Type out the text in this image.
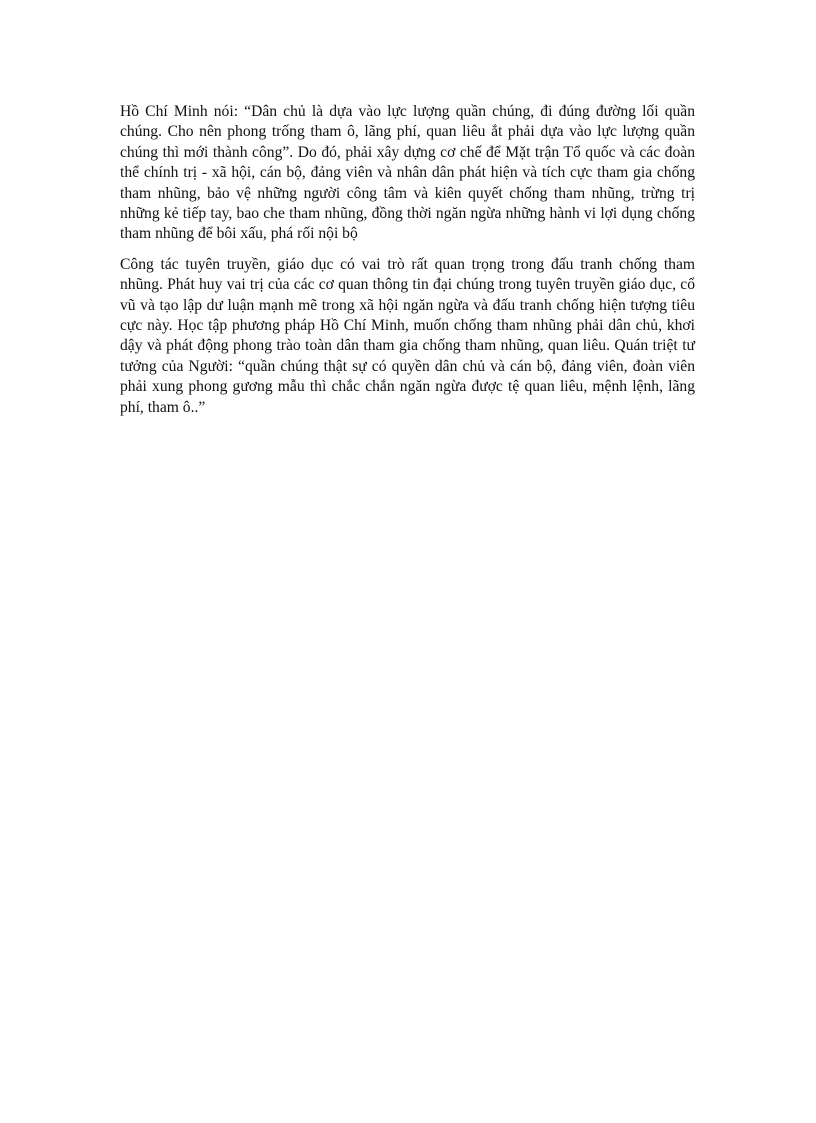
Hồ Chí Minh nói: “Dân chủ là dựa vào lực lượng quần chúng, đi đúng đường lối quần chúng. Cho nên phong trống tham ô, lãng phí, quan liêu ắt phải dựa vào lực lượng quần chúng thì mới thành công”. Do đó, phải xây dựng cơ chế để Mặt trận Tổ quốc và các đoàn thể chính trị - xã hội, cán bộ, đảng viên và nhân dân phát hiện và tích cực tham gia chống tham nhũng, bảo vệ những người công tâm và kiên quyết chống tham nhũng, trừng trị những kẻ tiếp tay, bao che tham nhũng, đồng thời ngăn ngừa những hành vi lợi dụng chống tham nhũng để bôi xấu, phá rối nội bộ

Công tác tuyên truyền, giáo dục có vai trò rất quan trọng trong đấu tranh chống tham nhũng. Phát huy vai trị của các cơ quan thông tin đại chúng trong tuyên truyền giáo dục, cổ vũ và tạo lập dư luận mạnh mẽ trong xã hội ngăn ngừa và đấu tranh chống hiện tượng tiêu cực này. Học tập phương pháp Hồ Chí Minh, muốn chống tham nhũng phải dân chủ, khơi dậy và phát động phong trào toàn dân tham gia chống tham nhũng, quan liêu. Quán triệt tư tưởng của Người: “quần chúng thật sự có quyền dân chủ và cán bộ, đảng viên, đoàn viên phải xung phong gương mẫu thì chắc chắn ngăn ngừa được tệ quan liêu, mệnh lệnh, lãng phí, tham ô..”
